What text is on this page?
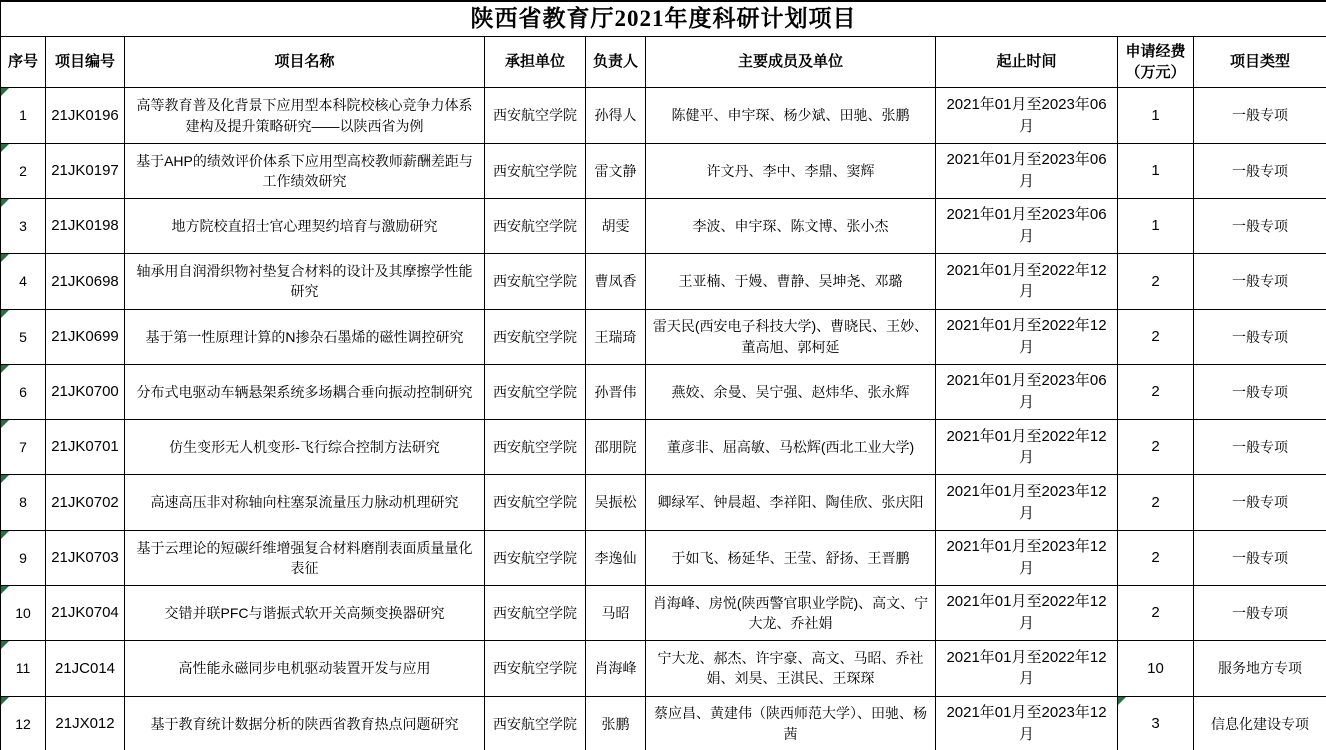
陕西省教育厅2021年度科研计划项目								
序号	项目编号	项目名称	承担单位	负责人	主要成员及单位	起止时间	申请经费（万元）	项目类型
1	21JK0196	高等教育普及化背景下应用型本科院校核心竞争力体系建构及提升策略研究——以陕西省为例	西安航空学院	孙得人	陈健平、申宇琛、杨少斌、田驰、张鹏	2021年01月至2023年06月	1	一般专项
2	21JK0197	基于AHP的绩效评价体系下应用型高校教师薪酬差距与工作绩效研究	西安航空学院	雷文静	许文丹、李中、李鼎、窦辉	2021年01月至2023年06月	1	一般专项
3	21JK0198	地方院校直招士官心理契约培育与激励研究	西安航空学院	胡雯	李波、申宇琛、陈文博、张小杰	2021年01月至2023年06月	1	一般专项
4	21JK0698	轴承用自润滑织物衬垫复合材料的设计及其摩擦学性能研究	西安航空学院	曹凤香	王亚楠、于嫚、曹静、吴坤尧、邓璐	2021年01月至2022年12月	2	一般专项
5	21JK0699	基于第一性原理计算的N掺杂石墨烯的磁性调控研究	西安航空学院	王瑞琦	雷天民(西安电子科技大学)、曹晓民、王妙、董高旭、郭柯延	2021年01月至2022年12月	2	一般专项
6	21JK0700	分布式电驱动车辆悬架系统多场耦合垂向振动控制研究	西安航空学院	孙晋伟	燕姣、余曼、吴宁强、赵炜华、张永辉	2021年01月至2023年06月	2	一般专项
7	21JK0701	仿生变形无人机变形-飞行综合控制方法研究	西安航空学院	邵朋院	董彦非、屈高敏、马松辉(西北工业大学)	2021年01月至2022年12月	2	一般专项
8	21JK0702	高速高压非对称轴向柱塞泵流量压力脉动机理研究	西安航空学院	吴振松	卿绿军、钟晨超、李祥阳、陶佳欣、张庆阳	2021年01月至2023年12月	2	一般专项
9	21JK0703	基于云理论的短碳纤维增强复合材料磨削表面质量量化表征	西安航空学院	李逸仙	于如飞、杨延华、王莹、舒扬、王晋鹏	2021年01月至2023年12月	2	一般专项
10	21JK0704	交错并联PFC与谐振式软开关高频变换器研究	西安航空学院	马昭	肖海峰、房悦(陕西警官职业学院)、高文、宁大龙、乔社娟	2021年01月至2022年12月	2	一般专项
11	21JC014	高性能永磁同步电机驱动装置开发与应用	西安航空学院	肖海峰	宁大龙、郝杰、许宇豪、高文、马昭、乔社娟、刘昊、王淇民、王琛琛	2021年01月至2022年12月	10	服务地方专项
12	21JX012	基于教育统计数据分析的陕西省教育热点问题研究	西安航空学院	张鹏	蔡应昌、黄建伟（陕西师范大学）、田驰、杨茜	2021年01月至2023年12月	3	信息化建设专项
